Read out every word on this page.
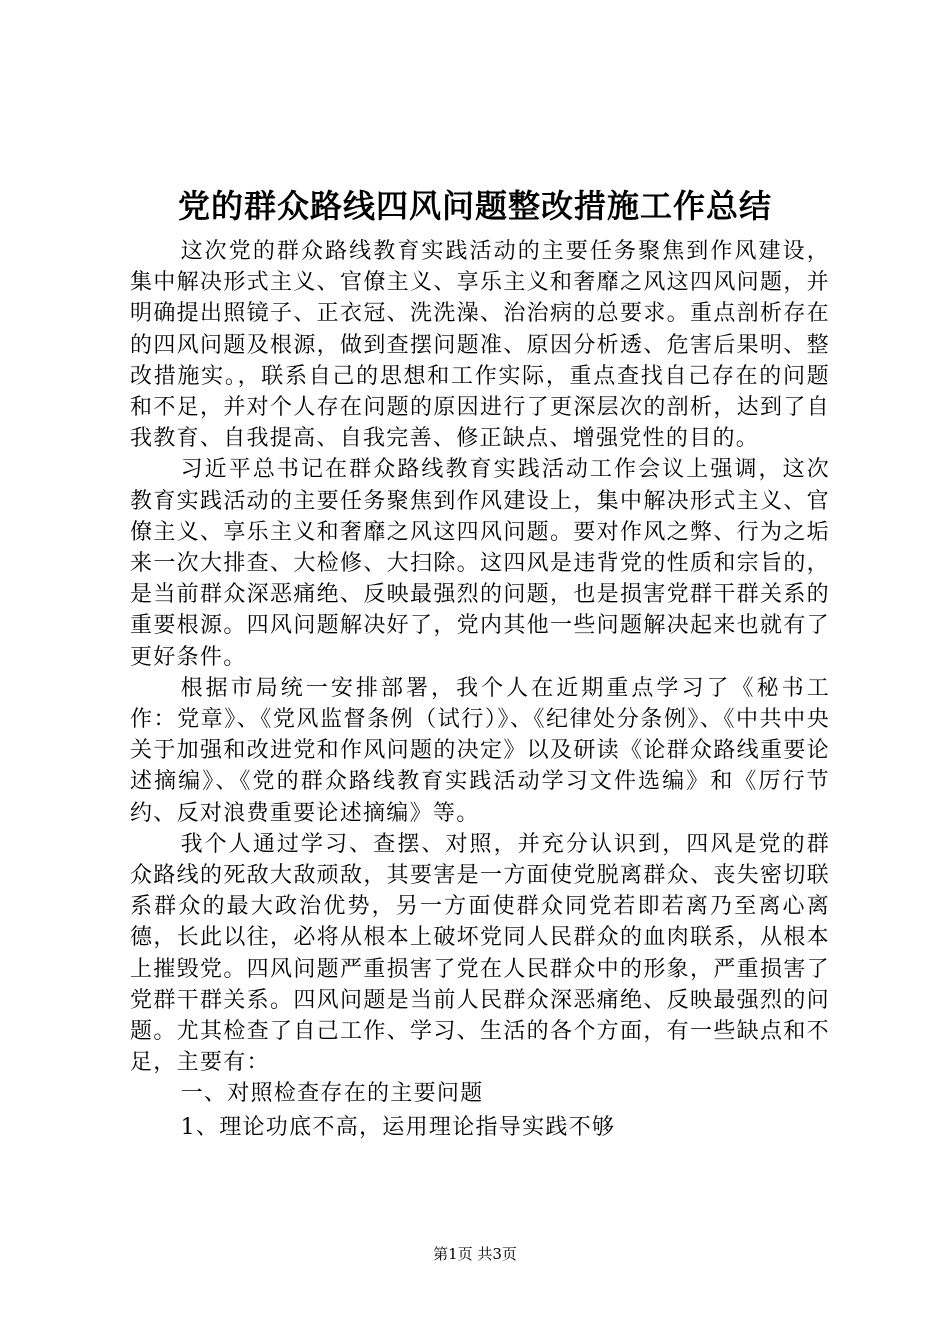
党的群众路线四风问题整改措施工作总结

这次党的群众路线教育实践活动的主要任务聚焦到作风建设，集中解决形式主义、官僚主义、享乐主义和奢靡之风这四风问题，并明确提出照镜子、正衣冠、洗洗澡、治治病的总要求。重点剖析存在的四风问题及根源，做到查摆问题准、原因分析透、危害后果明、整改措施实。，联系自己的思想和工作实际，重点查找自己存在的问题和不足，并对个人存在问题的原因进行了更深层次的剖析，达到了自我教育、自我提高、自我完善、修正缺点、增强党性的目的。

习近平总书记在群众路线教育实践活动工作会议上强调，这次教育实践活动的主要任务聚焦到作风建设上，集中解决形式主义、官僚主义、享乐主义和奢靡之风这四风问题。要对作风之弊、行为之垢来一次大排查、大检修、大扫除。这四风是违背党的性质和宗旨的，是当前群众深恶痛绝、反映最强烈的问题，也是损害党群干群关系的重要根源。四风问题解决好了，党内其他一些问题解决起来也就有了更好条件。

根据市局统一安排部署，我个人在近期重点学习了《秘书工作：党章》、《党风监督条例（试行）》、《纪律处分条例》、《中共中央关于加强和改进党和作风问题的决定》以及研读《论群众路线重要论述摘编》、《党的群众路线教育实践活动学习文件选编》和《厉行节约、反对浪费重要论述摘编》等。

我个人通过学习、查摆、对照，并充分认识到，四风是党的群众路线的死敌大敌顽敌，其要害是一方面使党脱离群众、丧失密切联系群众的最大政治优势，另一方面使群众同党若即若离乃至离心离德，长此以往，必将从根本上破坏党同人民群众的血肉联系，从根本上摧毁党。四风问题严重损害了党在人民群众中的形象，严重损害了党群干群关系。四风问题是当前人民群众深恶痛绝、反映最强烈的问题。尤其检查了自己工作、学习、生活的各个方面，有一些缺点和不足，主要有：

一、对照检查存在的主要问题

1、理论功底不高，运用理论指导实践不够

第1页 共3页
